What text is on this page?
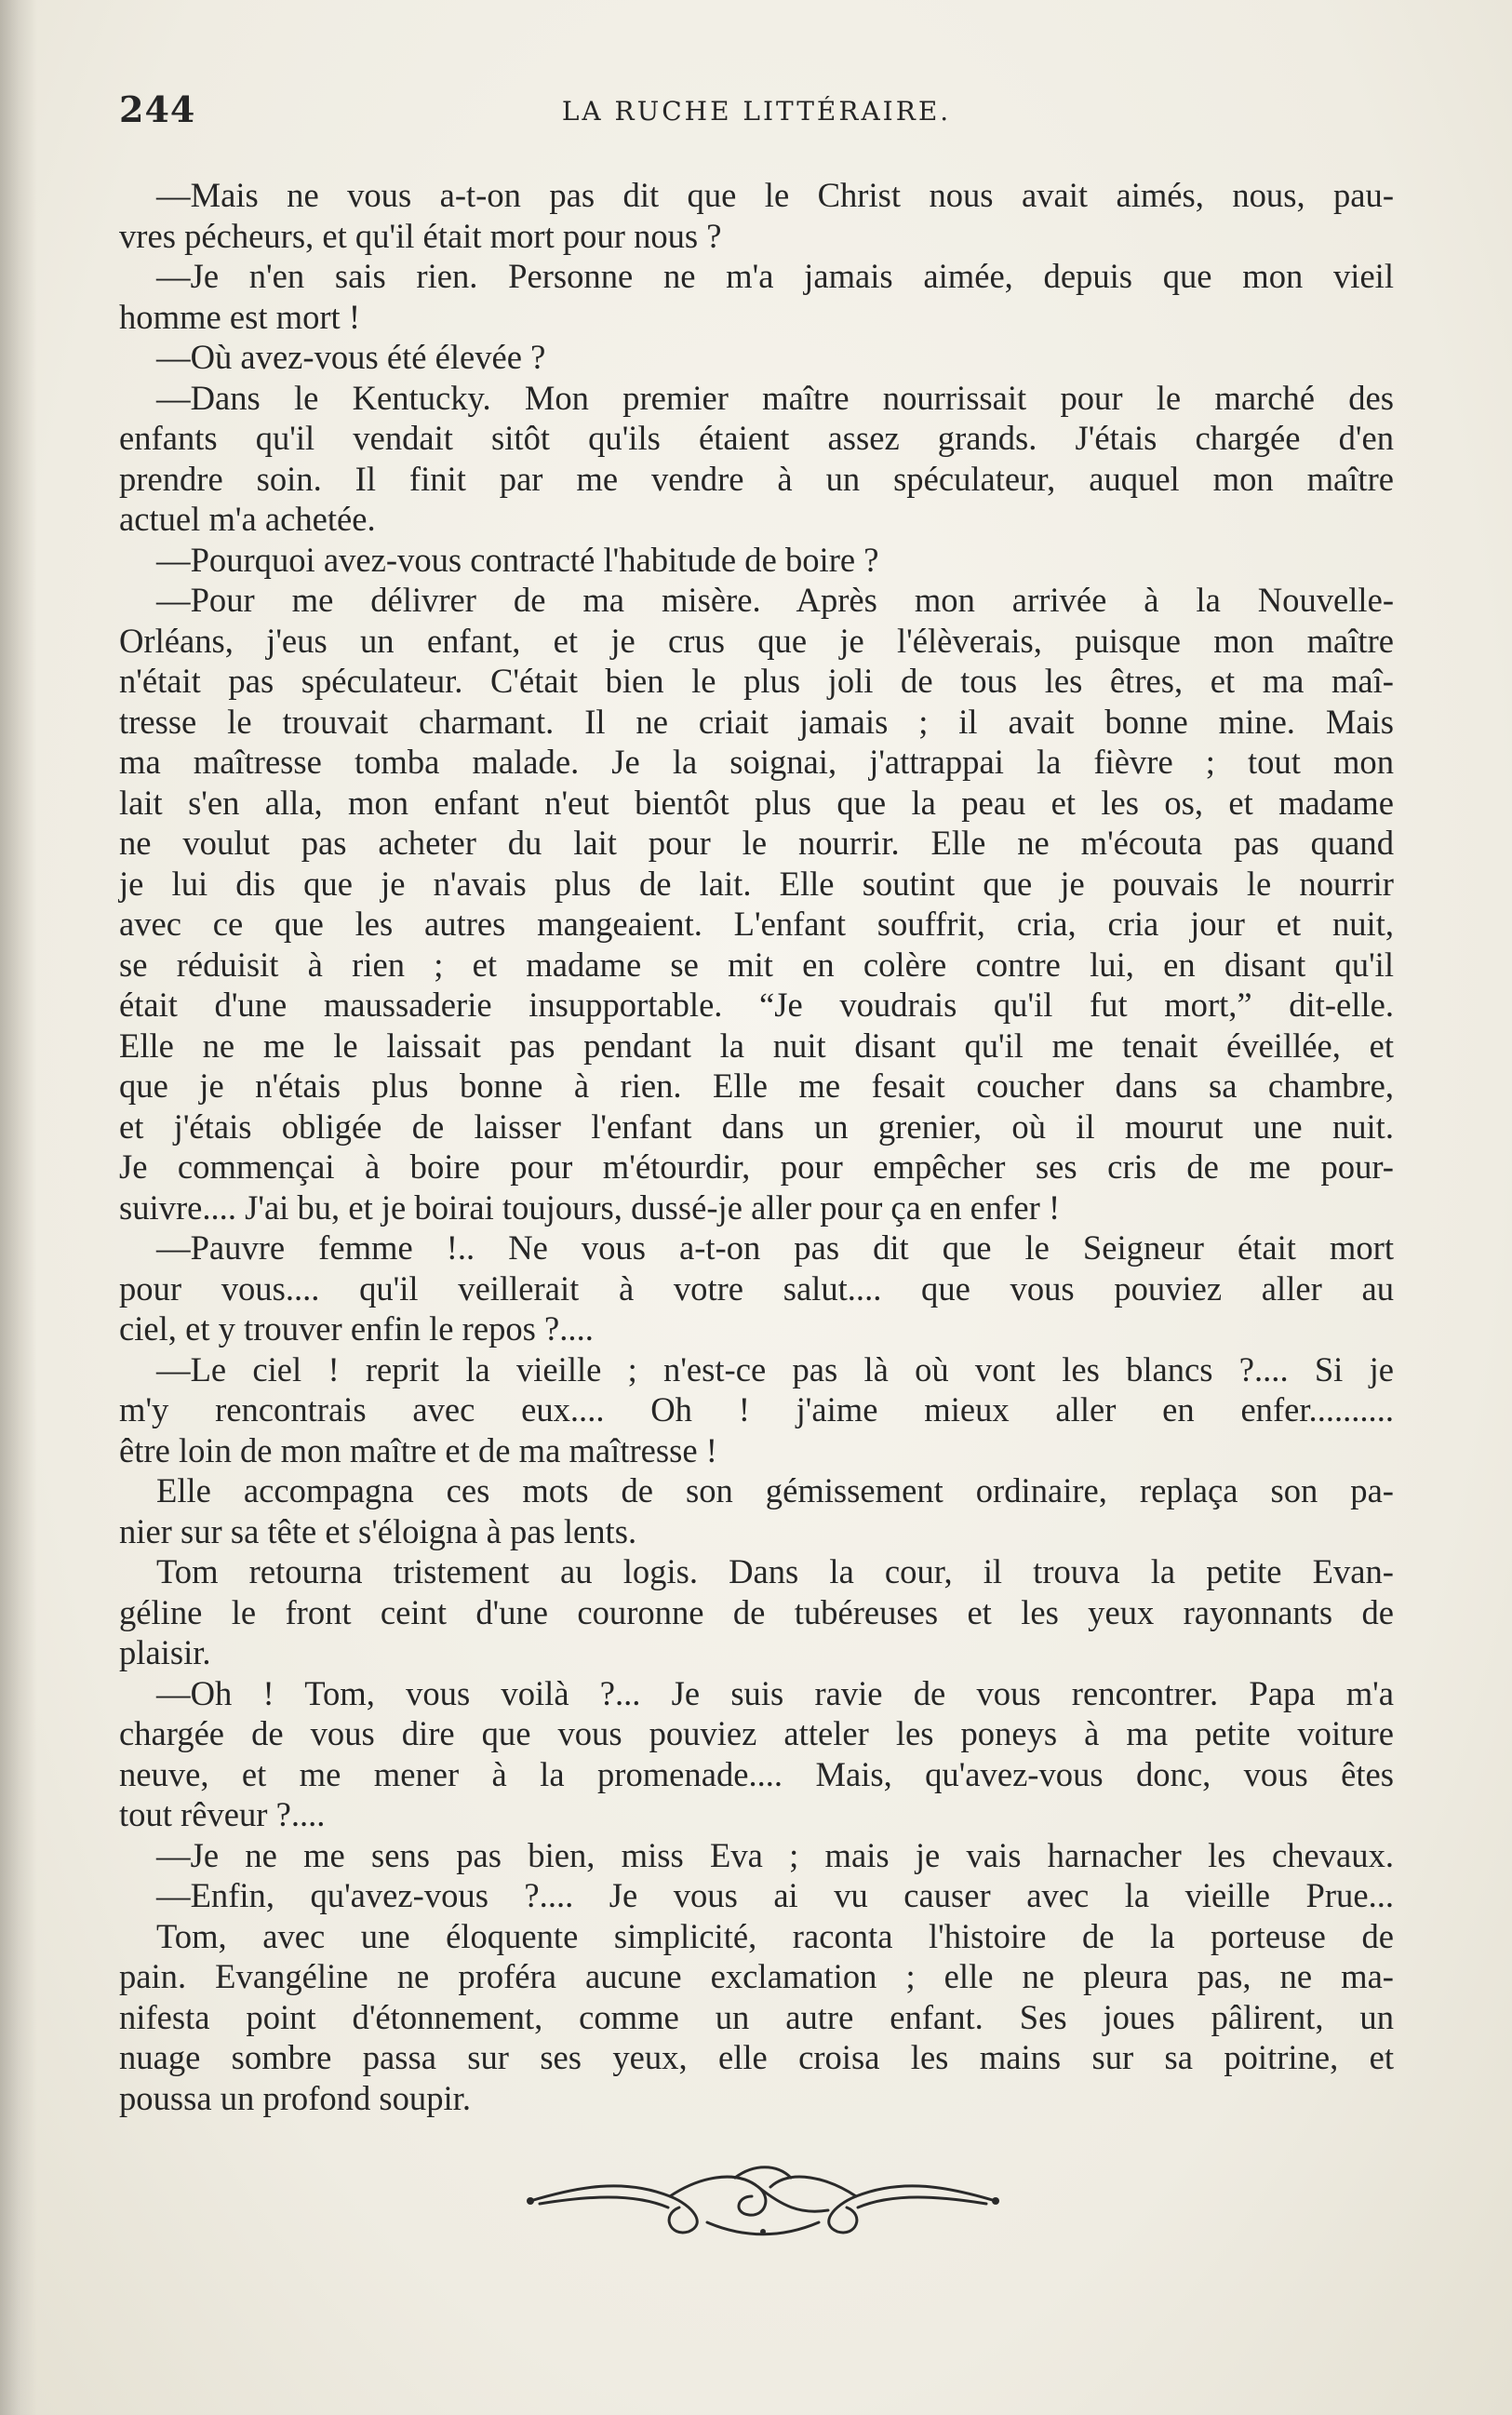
244	LA RUCHE LITTÉRAIRE.
—Mais ne vous a-t-on pas dit que le Christ nous avait aimés, nous, pau-
vres pécheurs, et qu'il était mort pour nous ?
—Je n'en sais rien. Personne ne m'a jamais aimée, depuis que mon vieil
homme est mort !
—Où avez-vous été élevée ?
—Dans le Kentucky. Mon premier maître nourrissait pour le marché des
enfants qu'il vendait sitôt qu'ils étaient assez grands. J'étais chargée d'en
prendre soin. Il finit par me vendre à un spéculateur, auquel mon maître
actuel m'a achetée.
—Pourquoi avez-vous contracté l'habitude de boire ?
—Pour me délivrer de ma misère. Après mon arrivée à la Nouvelle-
Orléans, j'eus un enfant, et je crus que je l'élèverais, puisque mon maître
n'était pas spéculateur. C'était bien le plus joli de tous les êtres, et ma maî-
tresse le trouvait charmant. Il ne criait jamais ; il avait bonne mine. Mais
ma maîtresse tomba malade. Je la soignai, j'attrappai la fièvre ; tout mon
lait s'en alla, mon enfant n'eut bientôt plus que la peau et les os, et madame
ne voulut pas acheter du lait pour le nourrir. Elle ne m'écouta pas quand
je lui dis que je n'avais plus de lait. Elle soutint que je pouvais le nourrir
avec ce que les autres mangeaient. L'enfant souffrit, cria, cria jour et nuit,
se réduisit à rien ; et madame se mit en colère contre lui, en disant qu'il
était d'une maussaderie insupportable. “Je voudrais qu'il fut mort,” dit-elle.
Elle ne me le laissait pas pendant la nuit disant qu'il me tenait éveillée, et
que je n'étais plus bonne à rien. Elle me fesait coucher dans sa chambre,
et j'étais obligée de laisser l'enfant dans un grenier, où il mourut une nuit.
Je commençai à boire pour m'étourdir, pour empêcher ses cris de me pour-
suivre.... J'ai bu, et je boirai toujours, dussé-je aller pour ça en enfer !
—Pauvre femme !.. Ne vous a-t-on pas dit que le Seigneur était mort
pour vous.... qu'il veillerait à votre salut.... que vous pouviez aller au
ciel, et y trouver enfin le repos ?....
—Le ciel ! reprit la vieille ; n'est-ce pas là où vont les blancs ?.... Si je
m'y rencontrais avec eux.... Oh ! j'aime mieux aller en enfer..........
être loin de mon maître et de ma maîtresse !
Elle accompagna ces mots de son gémissement ordinaire, replaça son pa-
nier sur sa tête et s'éloigna à pas lents.
Tom retourna tristement au logis. Dans la cour, il trouva la petite Evan-
géline le front ceint d'une couronne de tubéreuses et les yeux rayonnants de
plaisir.
—Oh ! Tom, vous voilà ?... Je suis ravie de vous rencontrer. Papa m'a
chargée de vous dire que vous pouviez atteler les poneys à ma petite voiture
neuve, et me mener à la promenade.... Mais, qu'avez-vous donc, vous êtes
tout rêveur ?....
—Je ne me sens pas bien, miss Eva ; mais je vais harnacher les chevaux.
—Enfin, qu'avez-vous ?.... Je vous ai vu causer avec la vieille Prue...
Tom, avec une éloquente simplicité, raconta l'histoire de la porteuse de
pain. Evangéline ne proféra aucune exclamation ; elle ne pleura pas, ne ma-
nifesta point d'étonnement, comme un autre enfant. Ses joues pâlirent, un
nuage sombre passa sur ses yeux, elle croisa les mains sur sa poitrine, et
poussa un profond soupir.
